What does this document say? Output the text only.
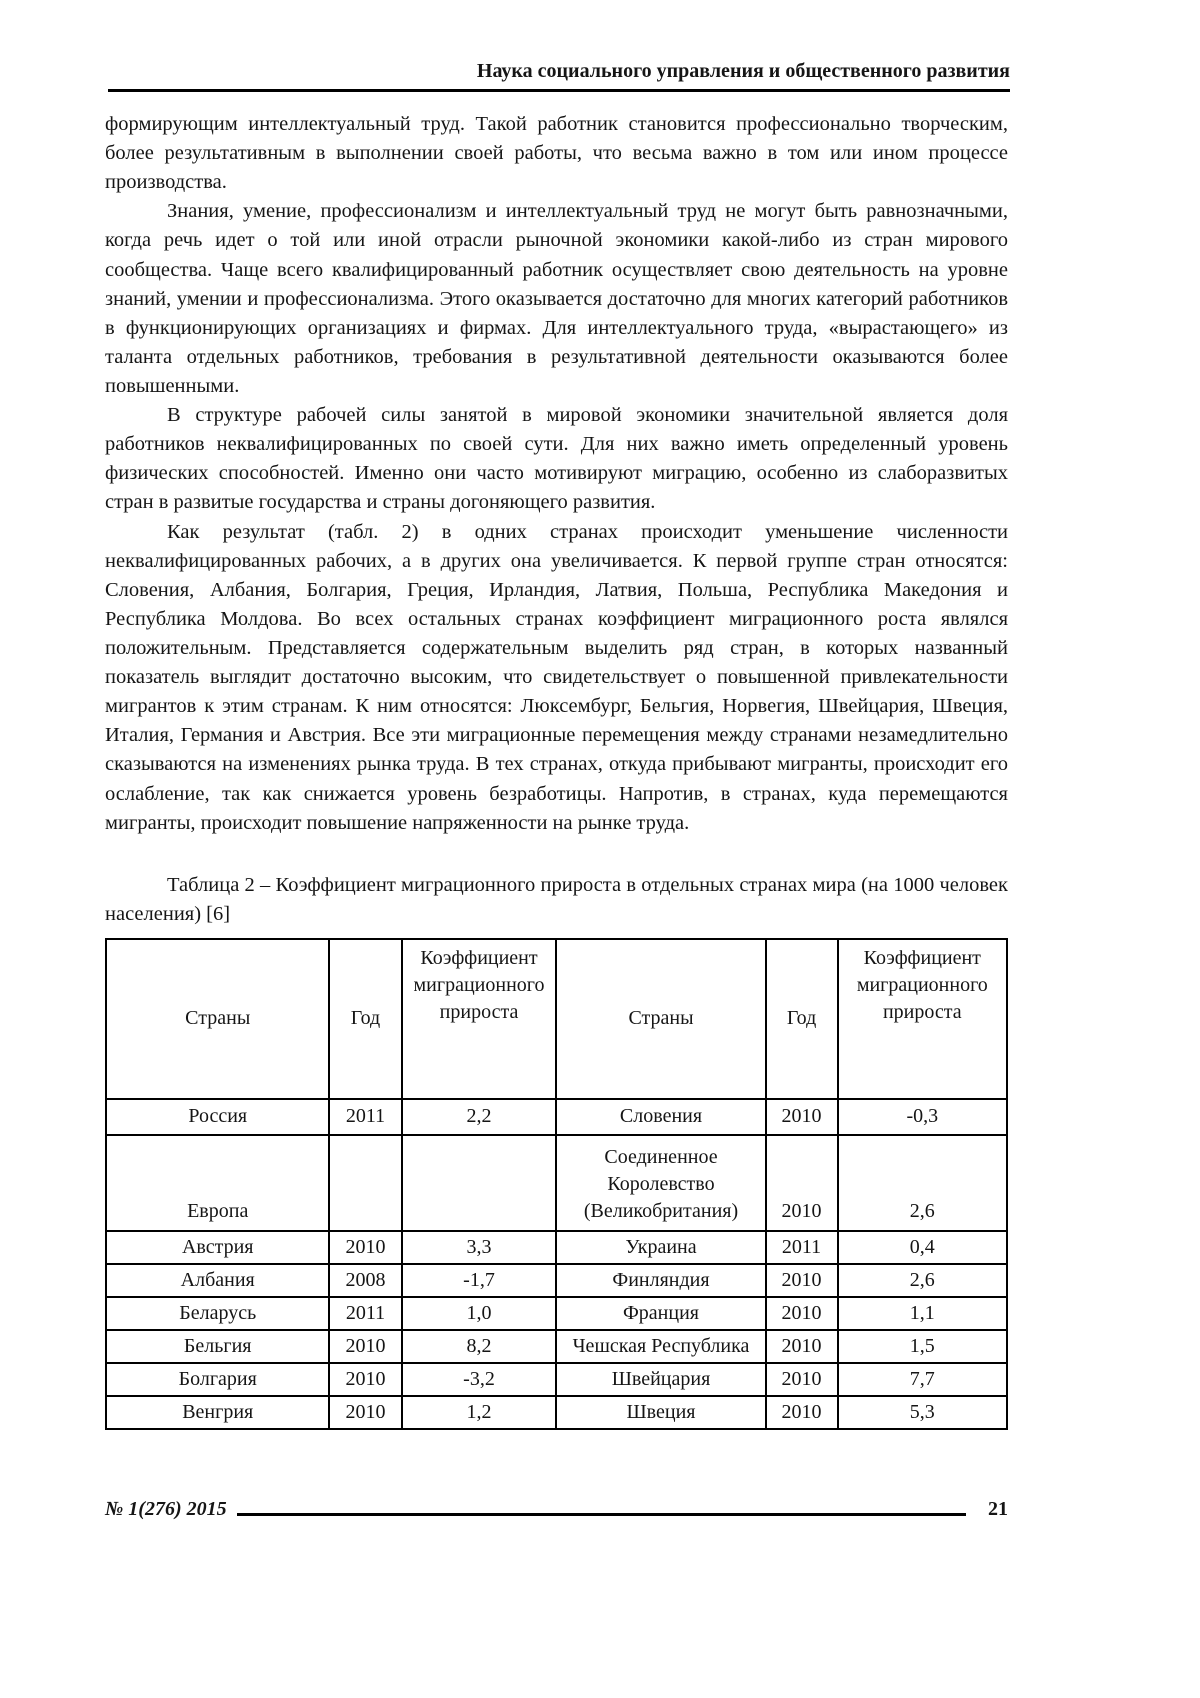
Наука социального управления и общественного развития

формирующим интеллектуальный труд. Такой работник становится профессионально творческим, более результативным в выполнении своей работы, что весьма важно в том или ином процессе производства.

Знания, умение, профессионализм и интеллектуальный труд не могут быть равнозначными, когда речь идет о той или иной отрасли рыночной экономики какой-либо из стран мирового сообщества. Чаще всего квалифицированный работник осуществляет свою деятельность на уровне знаний, умении и профессионализма. Этого оказывается достаточно для многих категорий работников в функционирующих организациях и фирмах. Для интеллектуального труда, «вырастающего» из таланта отдельных работников, требования в результативной деятельности оказываются более повышенными.

В структуре рабочей силы занятой в мировой экономики значительной является доля работников неквалифицированных по своей сути. Для них важно иметь определенный уровень физических способностей. Именно они часто мотивируют миграцию, особенно из слаборазвитых стран в развитые государства и страны догоняющего развития.

Как результат (табл. 2) в одних странах происходит уменьшение численности неквалифицированных рабочих, а в других она увеличивается. К первой группе стран относятся: Словения, Албания, Болгария, Греция, Ирландия, Латвия, Польша, Республика Македония и Республика Молдова. Во всех остальных странах коэффициент миграционного роста являлся положительным. Представляется содержательным выделить ряд стран, в которых названный показатель выглядит достаточно высоким, что свидетельствует о повышенной привлекательности мигрантов к этим странам. К ним относятся: Люксембург, Бельгия, Норвегия, Швейцария, Швеция, Италия, Германия и Австрия. Все эти миграционные перемещения между странами незамедлительно сказываются на изменениях рынка труда. В тех странах, откуда прибывают мигранты, происходит его ослабление, так как снижается уровень безработицы. Напротив, в странах, куда перемещаются мигранты, происходит повышение напряженности на рынке труда.

Таблица 2 – Коэффициент миграционного прироста в отдельных странах мира (на 1000 человек населения) [6]

Страны	Год	Коэффициент миграционного прироста	Страны	Год	Коэффициент миграционного прироста
Россия	2011	2,2	Словения	2010	-0,3
Европа			Соединенное Королевство (Великобритания)	2010	2,6
Австрия	2010	3,3	Украина	2011	0,4
Албания	2008	-1,7	Финляндия	2010	2,6
Беларусь	2011	1,0	Франция	2010	1,1
Бельгия	2010	8,2	Чешская Республика	2010	1,5
Болгария	2010	-3,2	Швейцария	2010	7,7
Венгрия	2010	1,2	Швеция	2010	5,3
№ 1(276) 2015	21
